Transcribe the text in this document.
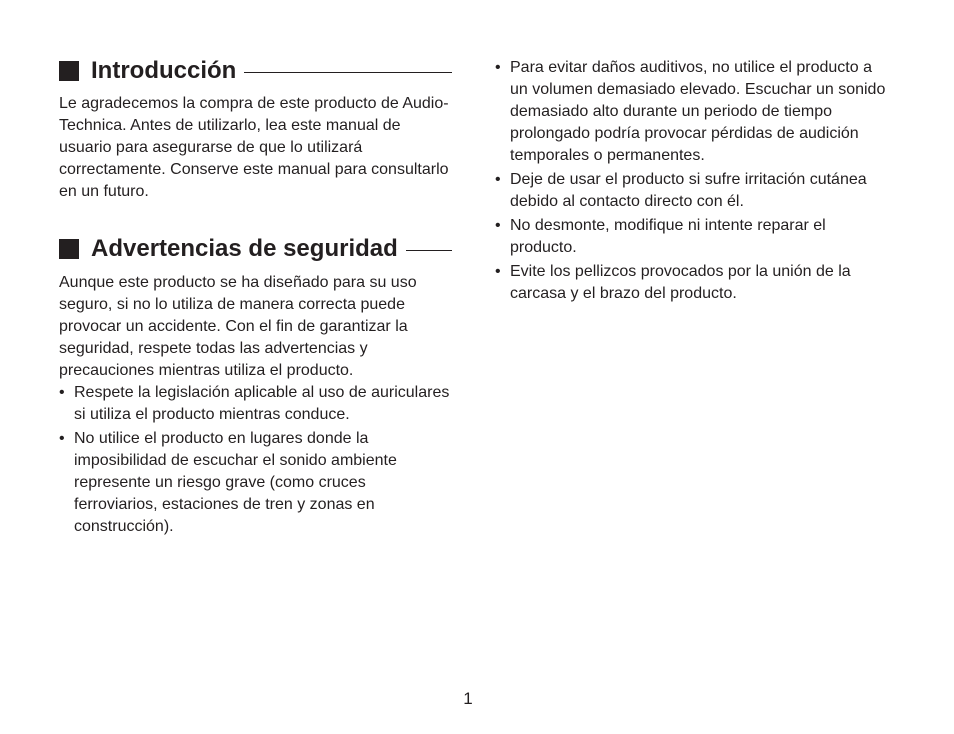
Introducción

Le agradecemos la compra de este producto de Audio-Technica. Antes de utilizarlo, lea este manual de usuario para asegurarse de que lo utilizará correctamente. Conserve este manual para consultarlo en un futuro.

Advertencias de seguridad

Aunque este producto se ha diseñado para su uso seguro, si no lo utiliza de manera correcta puede provocar un accidente. Con el fin de garantizar la seguridad, respete todas las advertencias y precauciones mientras utiliza el producto.

• Respete la legislación aplicable al uso de auriculares si utiliza el producto mientras conduce.
• No utilice el producto en lugares donde la imposibilidad de escuchar el sonido ambiente represente un riesgo grave (como cruces ferroviarios, estaciones de tren y zonas en construcción).
• Para evitar daños auditivos, no utilice el producto a un volumen demasiado elevado. Escuchar un sonido demasiado alto durante un periodo de tiempo prolongado podría provocar pérdidas de audición temporales o permanentes.
• Deje de usar el producto si sufre irritación cutánea debido al contacto directo con él.
• No desmonte, modifique ni intente reparar el producto.
• Evite los pellizcos provocados por la unión de la carcasa y el brazo del producto.
1
